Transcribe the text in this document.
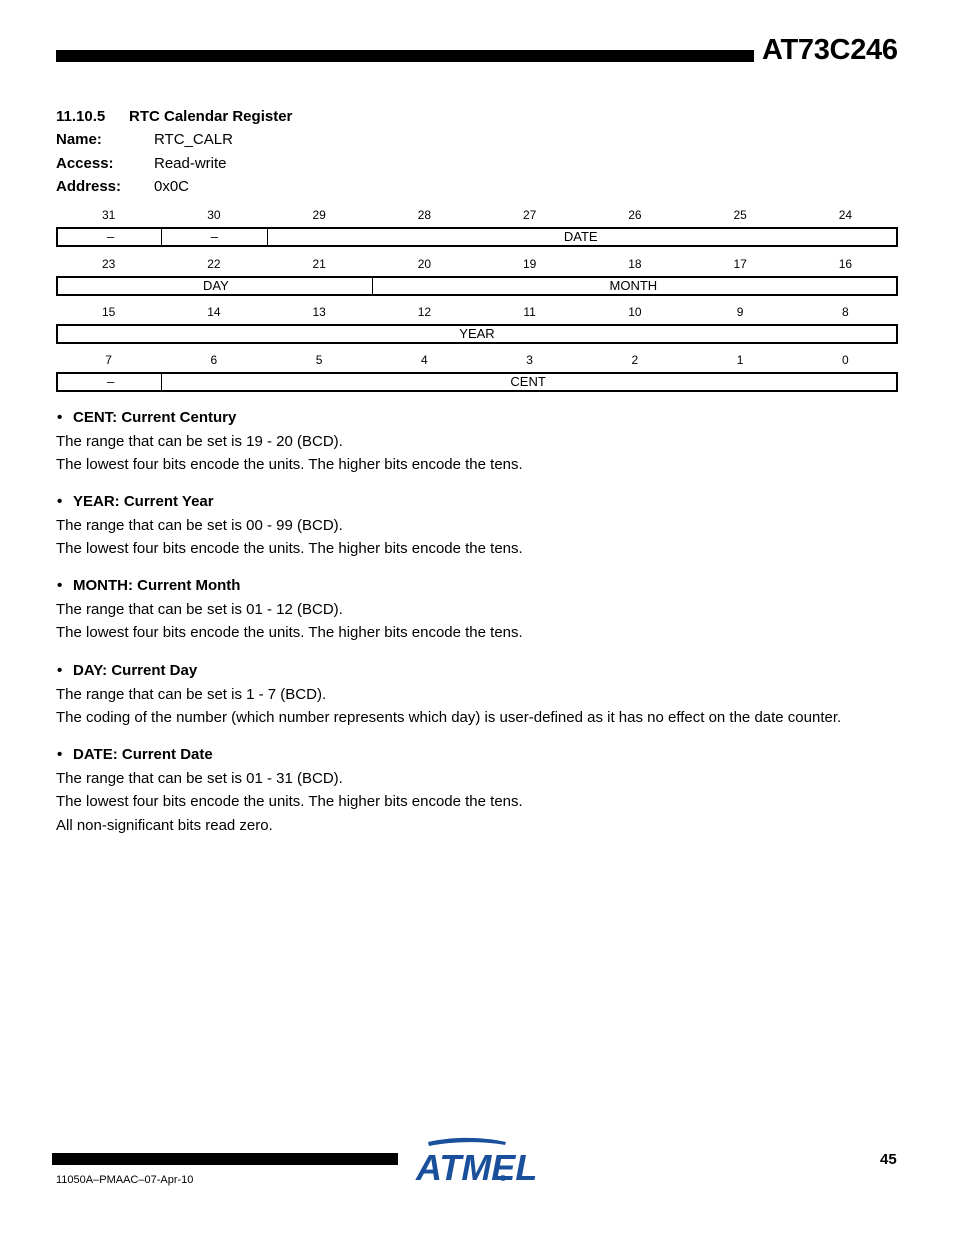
AT73C246
11.10.5 RTC Calendar Register
Name:	RTC_CALR
Access:	Read-write
Address: 0x0C
31	30	29	28	27	26	25	24
–	–	DATE
23	22	21	20	19	18	17	16
DAY	MONTH
15	14	13	12	11	10	9	8
YEAR
7	6	5	4	3	2	1	0
–	CENT
• CENT: Current Century
The range that can be set is 19 - 20 (BCD).
The lowest four bits encode the units. The higher bits encode the tens.
• YEAR: Current Year
The range that can be set is 00 - 99 (BCD).
The lowest four bits encode the units. The higher bits encode the tens.
• MONTH: Current Month
The range that can be set is 01 - 12 (BCD).
The lowest four bits encode the units. The higher bits encode the tens.
• DAY: Current Day
The range that can be set is 1 - 7 (BCD).
The coding of the number (which number represents which day) is user-defined as it has no effect on the date counter.
• DATE: Current Date
The range that can be set is 01 - 31 (BCD).
The lowest four bits encode the units. The higher bits encode the tens.
All non-significant bits read zero.
ATMEL	45
11050A–PMAAC–07-Apr-10
